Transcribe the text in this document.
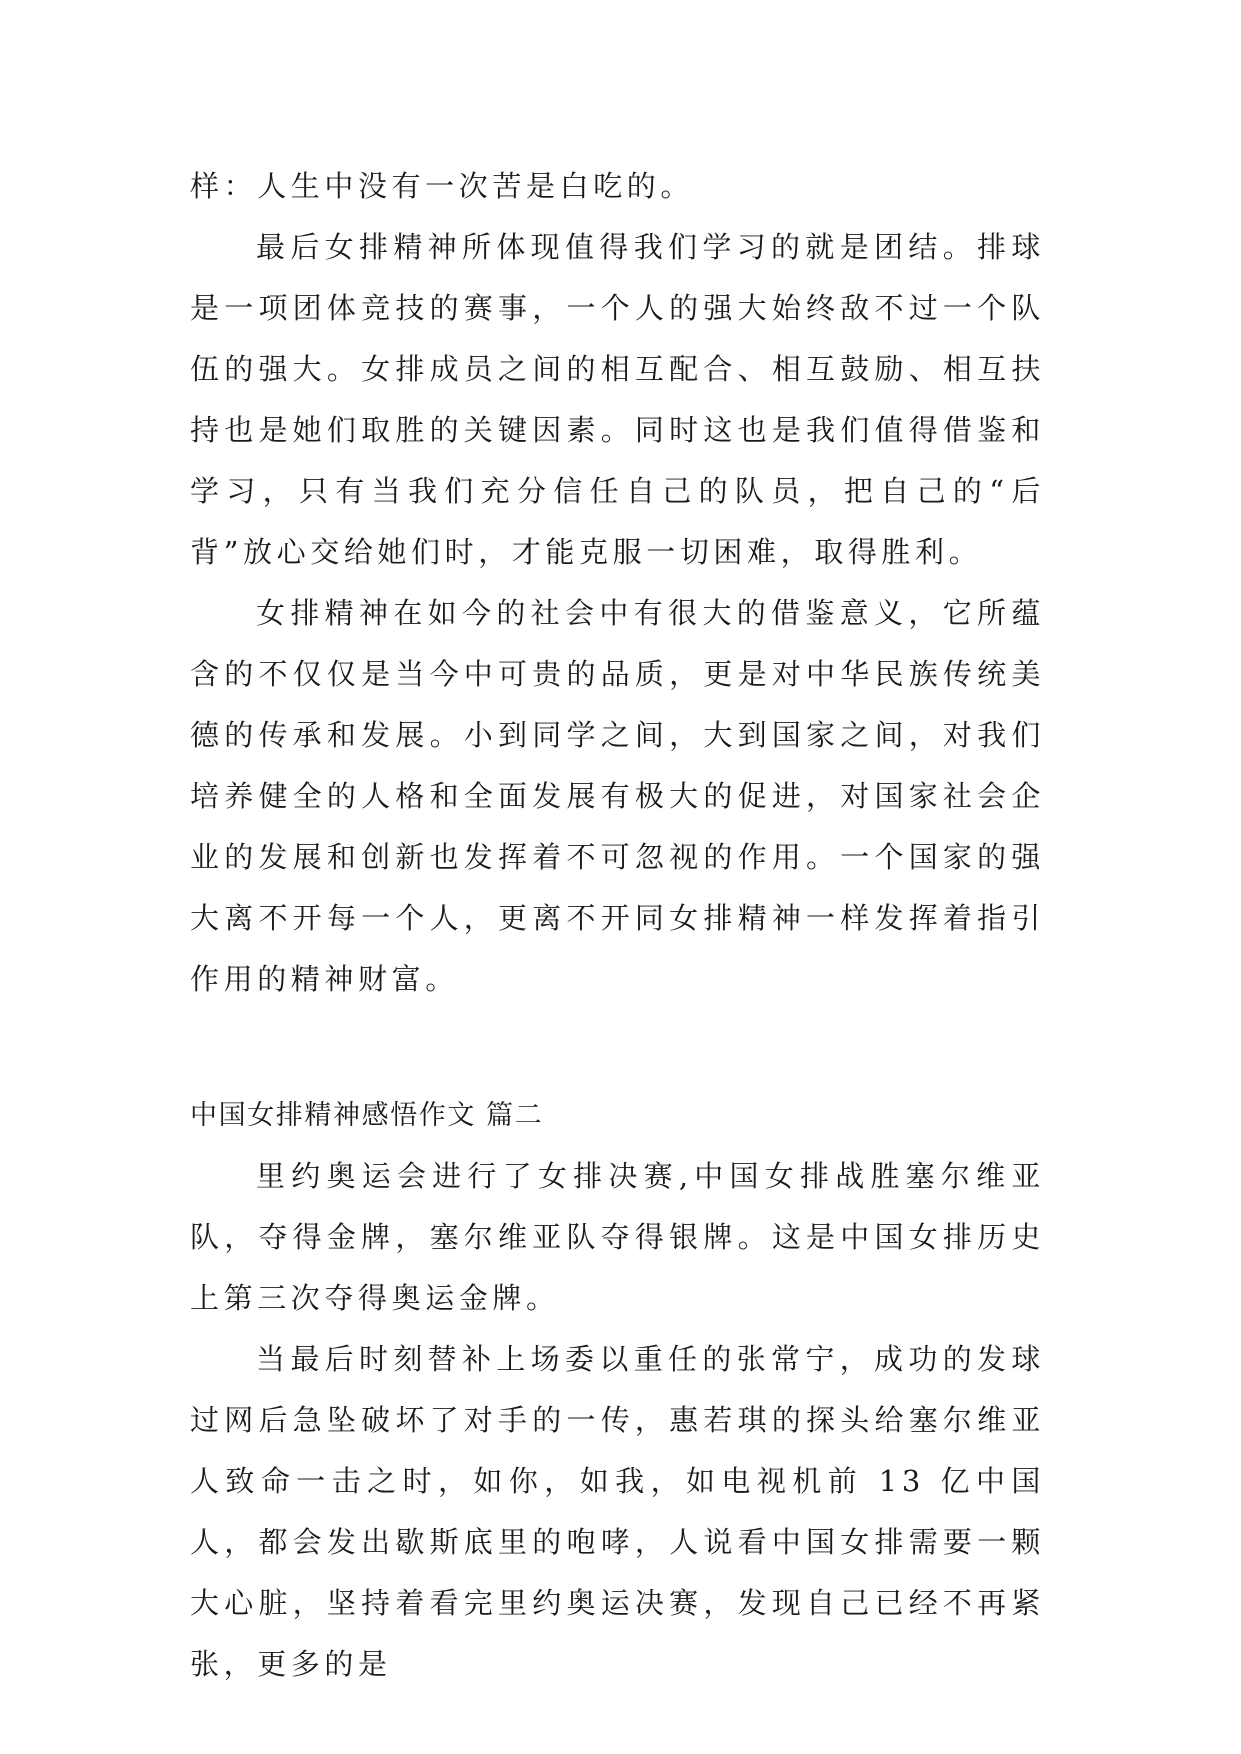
样：人生中没有一次苦是白吃的。

最后女排精神所体现值得我们学习的就是团结。排球是一项团体竞技的赛事，一个人的强大始终敌不过一个队伍的强大。女排成员之间的相互配合、相互鼓励、相互扶持也是她们取胜的关键因素。同时这也是我们值得借鉴和学习，只有当我们充分信任自己的队员，把自己的“后背”放心交给她们时，才能克服一切困难，取得胜利。

女排精神在如今的社会中有很大的借鉴意义，它所蕴含的不仅仅是当今中可贵的品质，更是对中华民族传统美德的传承和发展。小到同学之间，大到国家之间，对我们培养健全的人格和全面发展有极大的促进，对国家社会企业的发展和创新也发挥着不可忽视的作用。一个国家的强大离不开每一个人，更离不开同女排精神一样发挥着指引作用的精神财富。

中国女排精神感悟作文 篇二

里约奥运会进行了女排决赛,中国女排战胜塞尔维亚队，夺得金牌，塞尔维亚队夺得银牌。这是中国女排历史上第三次夺得奥运金牌。

当最后时刻替补上场委以重任的张常宁，成功的发球过网后急坠破坏了对手的一传，惠若琪的探头给塞尔维亚人致命一击之时，如你，如我，如电视机前 13 亿中国人，都会发出歇斯底里的咆哮，人说看中国女排需要一颗大心脏，坚持着看完里约奥运决赛，发现自己已经不再紧张，更多的是
